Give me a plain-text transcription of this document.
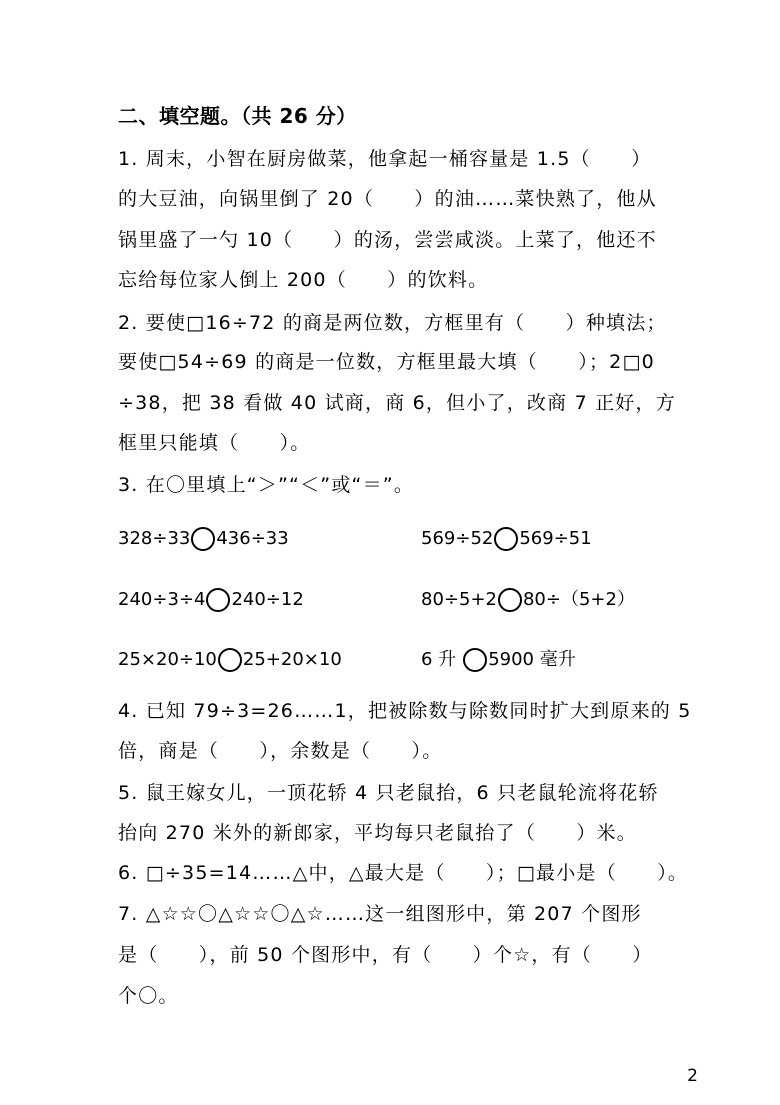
二、填空题。（共 26 分）
1. 周末，小智在厨房做菜，他拿起一桶容量是 1.5（　　）
的大豆油，向锅里倒了 20（　　）的油……菜快熟了，他从
锅里盛了一勺 10（　　）的汤，尝尝咸淡。上菜了，他还不
忘给每位家人倒上 200（　　）的饮料。
2. 要使□16÷72 的商是两位数，方框里有（　　）种填法；
要使□54÷69 的商是一位数，方框里最大填（　　）；2□0
÷38，把 38 看做 40 试商，商 6，但小了，改商 7 正好，方
框里只能填（　　）。
3. 在〇里填上“＞”“＜”或“＝”。
328÷33 436÷33	569÷52 569÷51
240÷3÷4 240÷12	80÷5+2 80÷（5+2）
25×20÷10 25+20×10	6 升 5900 毫升
4. 已知 79÷3=26……1，把被除数与除数同时扩大到原来的 5
倍，商是（　　），余数是（　　）。
5. 鼠王嫁女儿，一顶花轿 4 只老鼠抬，6 只老鼠轮流将花轿
抬向 270 米外的新郎家，平均每只老鼠抬了（　　）米。
6. □÷35=14……△中，△最大是（　　）；□最小是（　　）。
7. △☆☆〇△☆☆〇△☆……这一组图形中，第 207 个图形
是（　　），前 50 个图形中，有（　　）个☆，有（　　）
个〇。
2
